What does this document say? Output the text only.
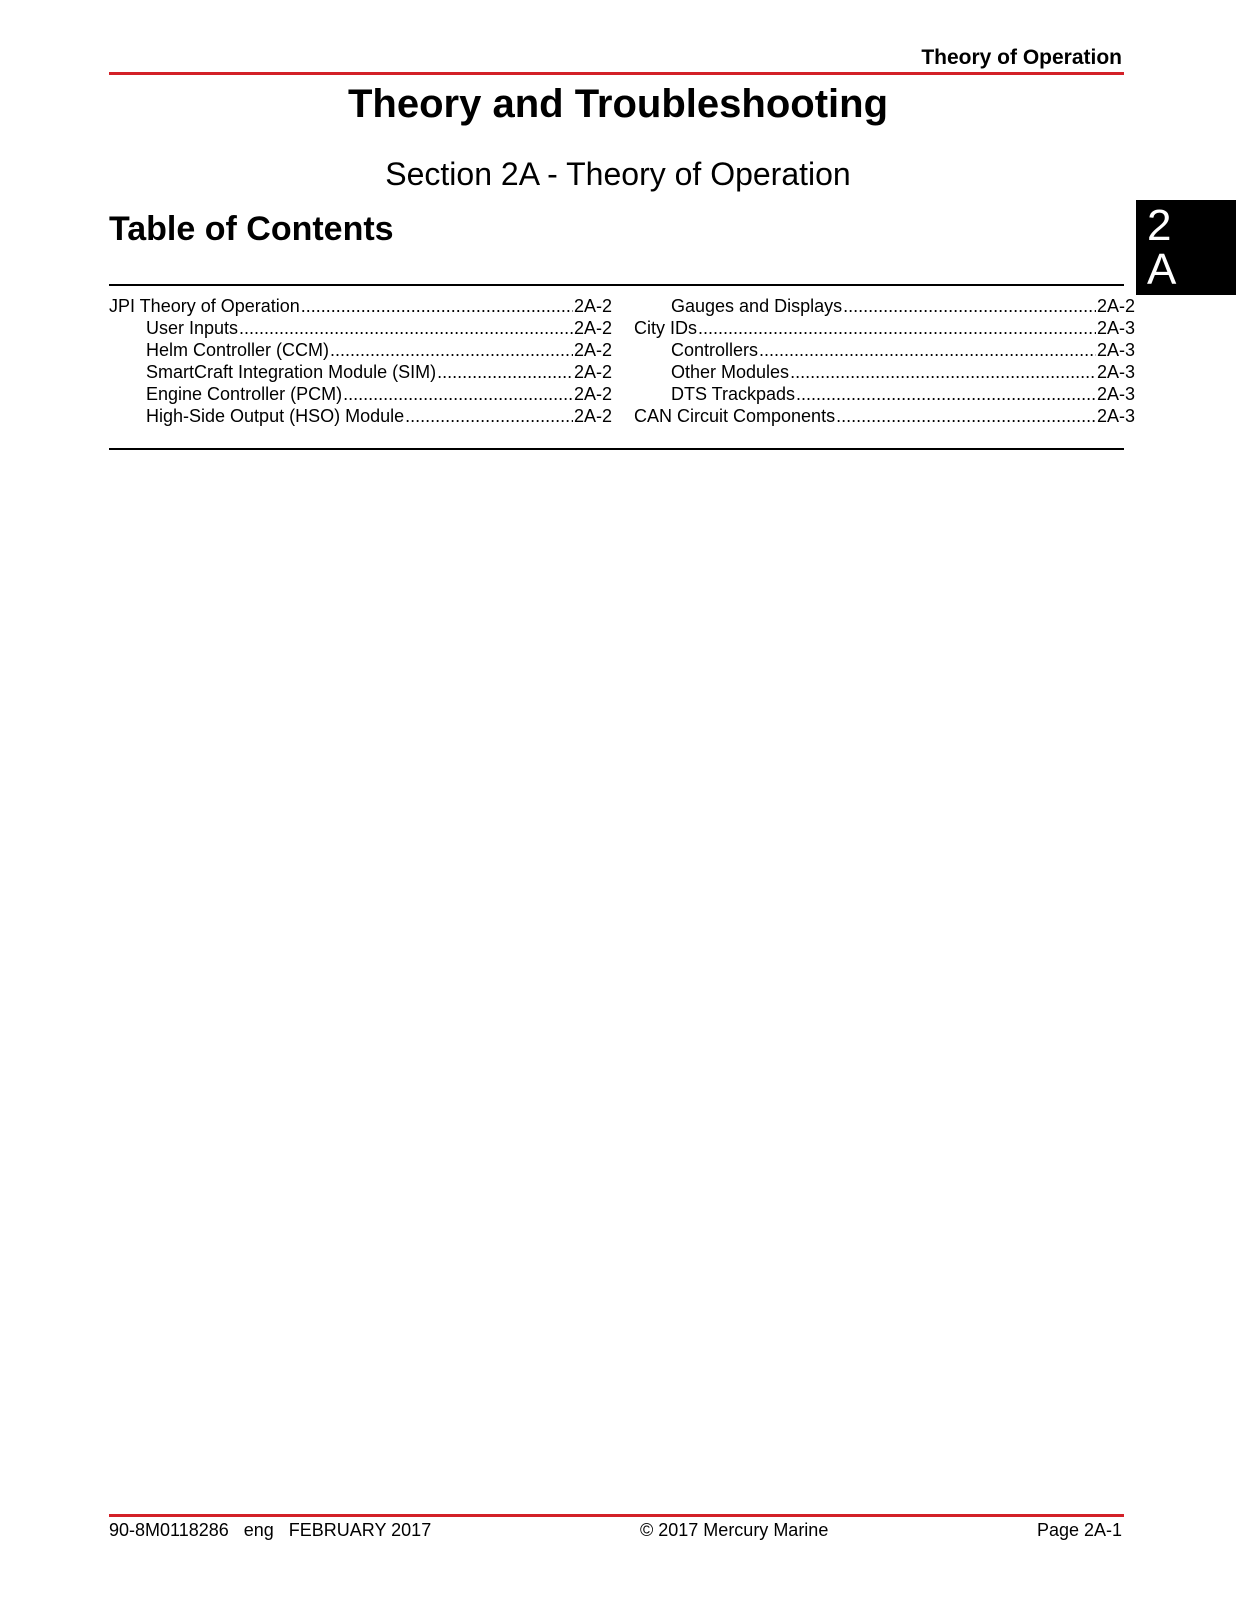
Theory of Operation
Theory and Troubleshooting
Section 2A - Theory of Operation
Table of Contents	2
A
JPI Theory of Operation .....	2A-2
User Inputs .....	2A-2
Helm Controller (CCM) .....	2A-2
SmartCraft Integration Module (SIM) .....	2A-2
Engine Controller (PCM) .....	2A-2
High-Side Output (HSO) Module .....	2A-2
Gauges and Displays .....	2A-2
City IDs .....	2A-3
Controllers .....	2A-3
Other Modules .....	2A-3
DTS Trackpads .....	2A-3
CAN Circuit Components .....	2A-3
90-8M0118286   eng   FEBRUARY 2017	© 2017 Mercury Marine	Page 2A-1
